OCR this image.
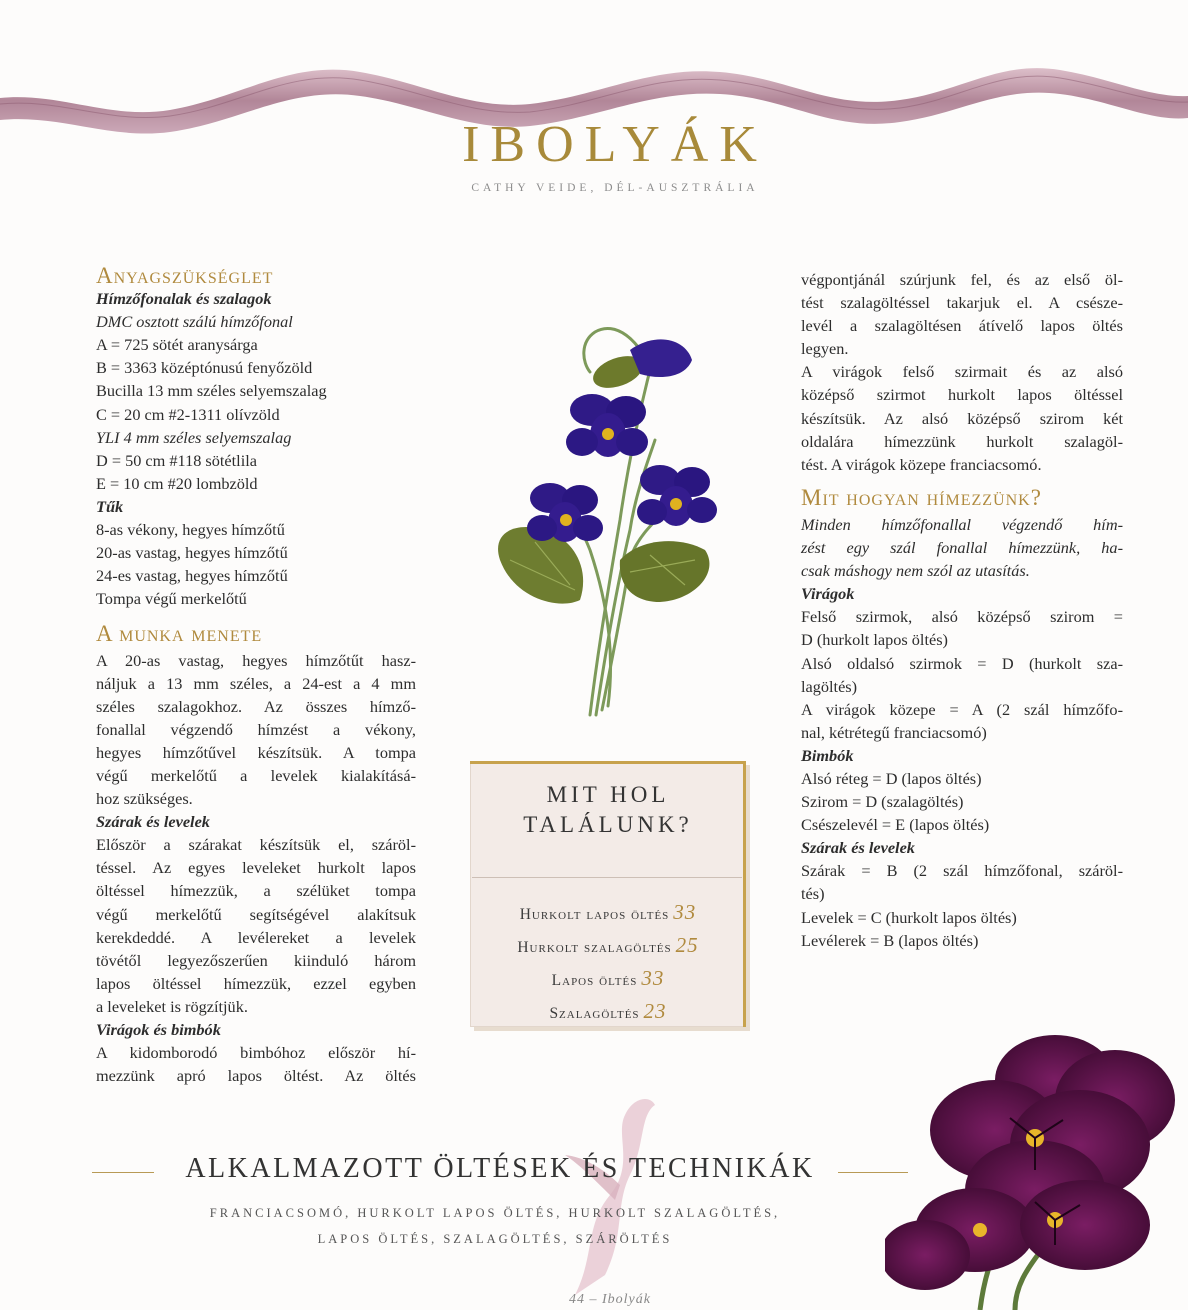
IBOLYÁK
CATHY VEIDE, DÉL-AUSZTRÁLIA
Anyagszükséglet
Hímzőfonalak és szalagok
DMC osztott szálú hímzőfonal
A = 725 sötét aranysárga
B = 3363 középtónusú fenyőzöld
Bucilla 13 mm széles selyemszalag
C = 20 cm #2-1311 olívzöld
YLI 4 mm széles selyemszalag
D = 50 cm #118 sötétlila
E = 10 cm #20 lombzöld
Tűk
8-as vékony, hegyes hímzőtű
20-as vastag, hegyes hímzőtű
24-es vastag, hegyes hímzőtű
Tompa végű merkelőtű
A munka menete
A 20-as vastag, hegyes hímzőtűt hasz-
náljuk a 13 mm széles, a 24-est a 4 mm
széles szalagokhoz. Az összes hímző-
fonallal végzendő hímzést a vékony,
hegyes hímzőtűvel készítsük. A tompa
végű merkelőtű a levelek kialakításá-
hoz szükséges.
Szárak és levelek
Először a szárakat készítsük el, száröl-
téssel. Az egyes leveleket hurkolt lapos
öltéssel hímezzük, a szélüket tompa
végű merkelőtű segítségével alakítsuk
kerekdeddé. A levélereket a levelek
tövétől legyezőszerűen kiinduló három
lapos öltéssel hímezzük, ezzel egyben
a leveleket is rögzítjük.
Virágok és bimbók
A kidomborodó bimbóhoz először hí-
mezzünk apró lapos öltést. Az öltés
végpontjánál szúrjunk fel, és az első öl-
tést szalagöltéssel takarjuk el. A csésze-
levél a szalagöltésen átívelő lapos öltés
legyen.
A virágok felső szirmait és az alsó
középső szirmot hurkolt lapos öltéssel
készítsük. Az alsó középső szirom két
oldalára hímezzünk hurkolt szalagöl-
tést. A virágok közepe franciacsomó.
Mit hogyan hímezzünk?
Minden hímzőfonallal végzendő hím-
zést egy szál fonallal hímezzünk, ha-
csak máshogy nem szól az utasítás.
Virágok
Felső szirmok, alsó középső szirom =
D (hurkolt lapos öltés)
Alsó oldalsó szirmok = D (hurkolt sza-
lagöltés)
A virágok közepe = A (2 szál hímzőfo-
nal, kétrétegű franciacsomó)
Bimbók
Alsó réteg = D (lapos öltés)
Szirom = D (szalagöltés)
Csészelevél = E (lapos öltés)
Szárak és levelek
Szárak = B (2 szál hímzőfonal, száröl-
tés)
Levelek = C (hurkolt lapos öltés)
Levélerek = B (lapos öltés)
MIT HOL
TALÁLUNK?
Hurkolt lapos öltés 33
Hurkolt szalagöltés 25
Lapos öltés 33
Szalagöltés 23
ALKALMAZOTT ÖLTÉSEK ÉS TECHNIKÁK
FRANCIACSOMÓ, HURKOLT LAPOS ÖLTÉS, HURKOLT SZALAGÖLTÉS,
LAPOS ÖLTÉS, SZALAGÖLTÉS, SZÁRÖLTÉS
44 – Ibolyák
